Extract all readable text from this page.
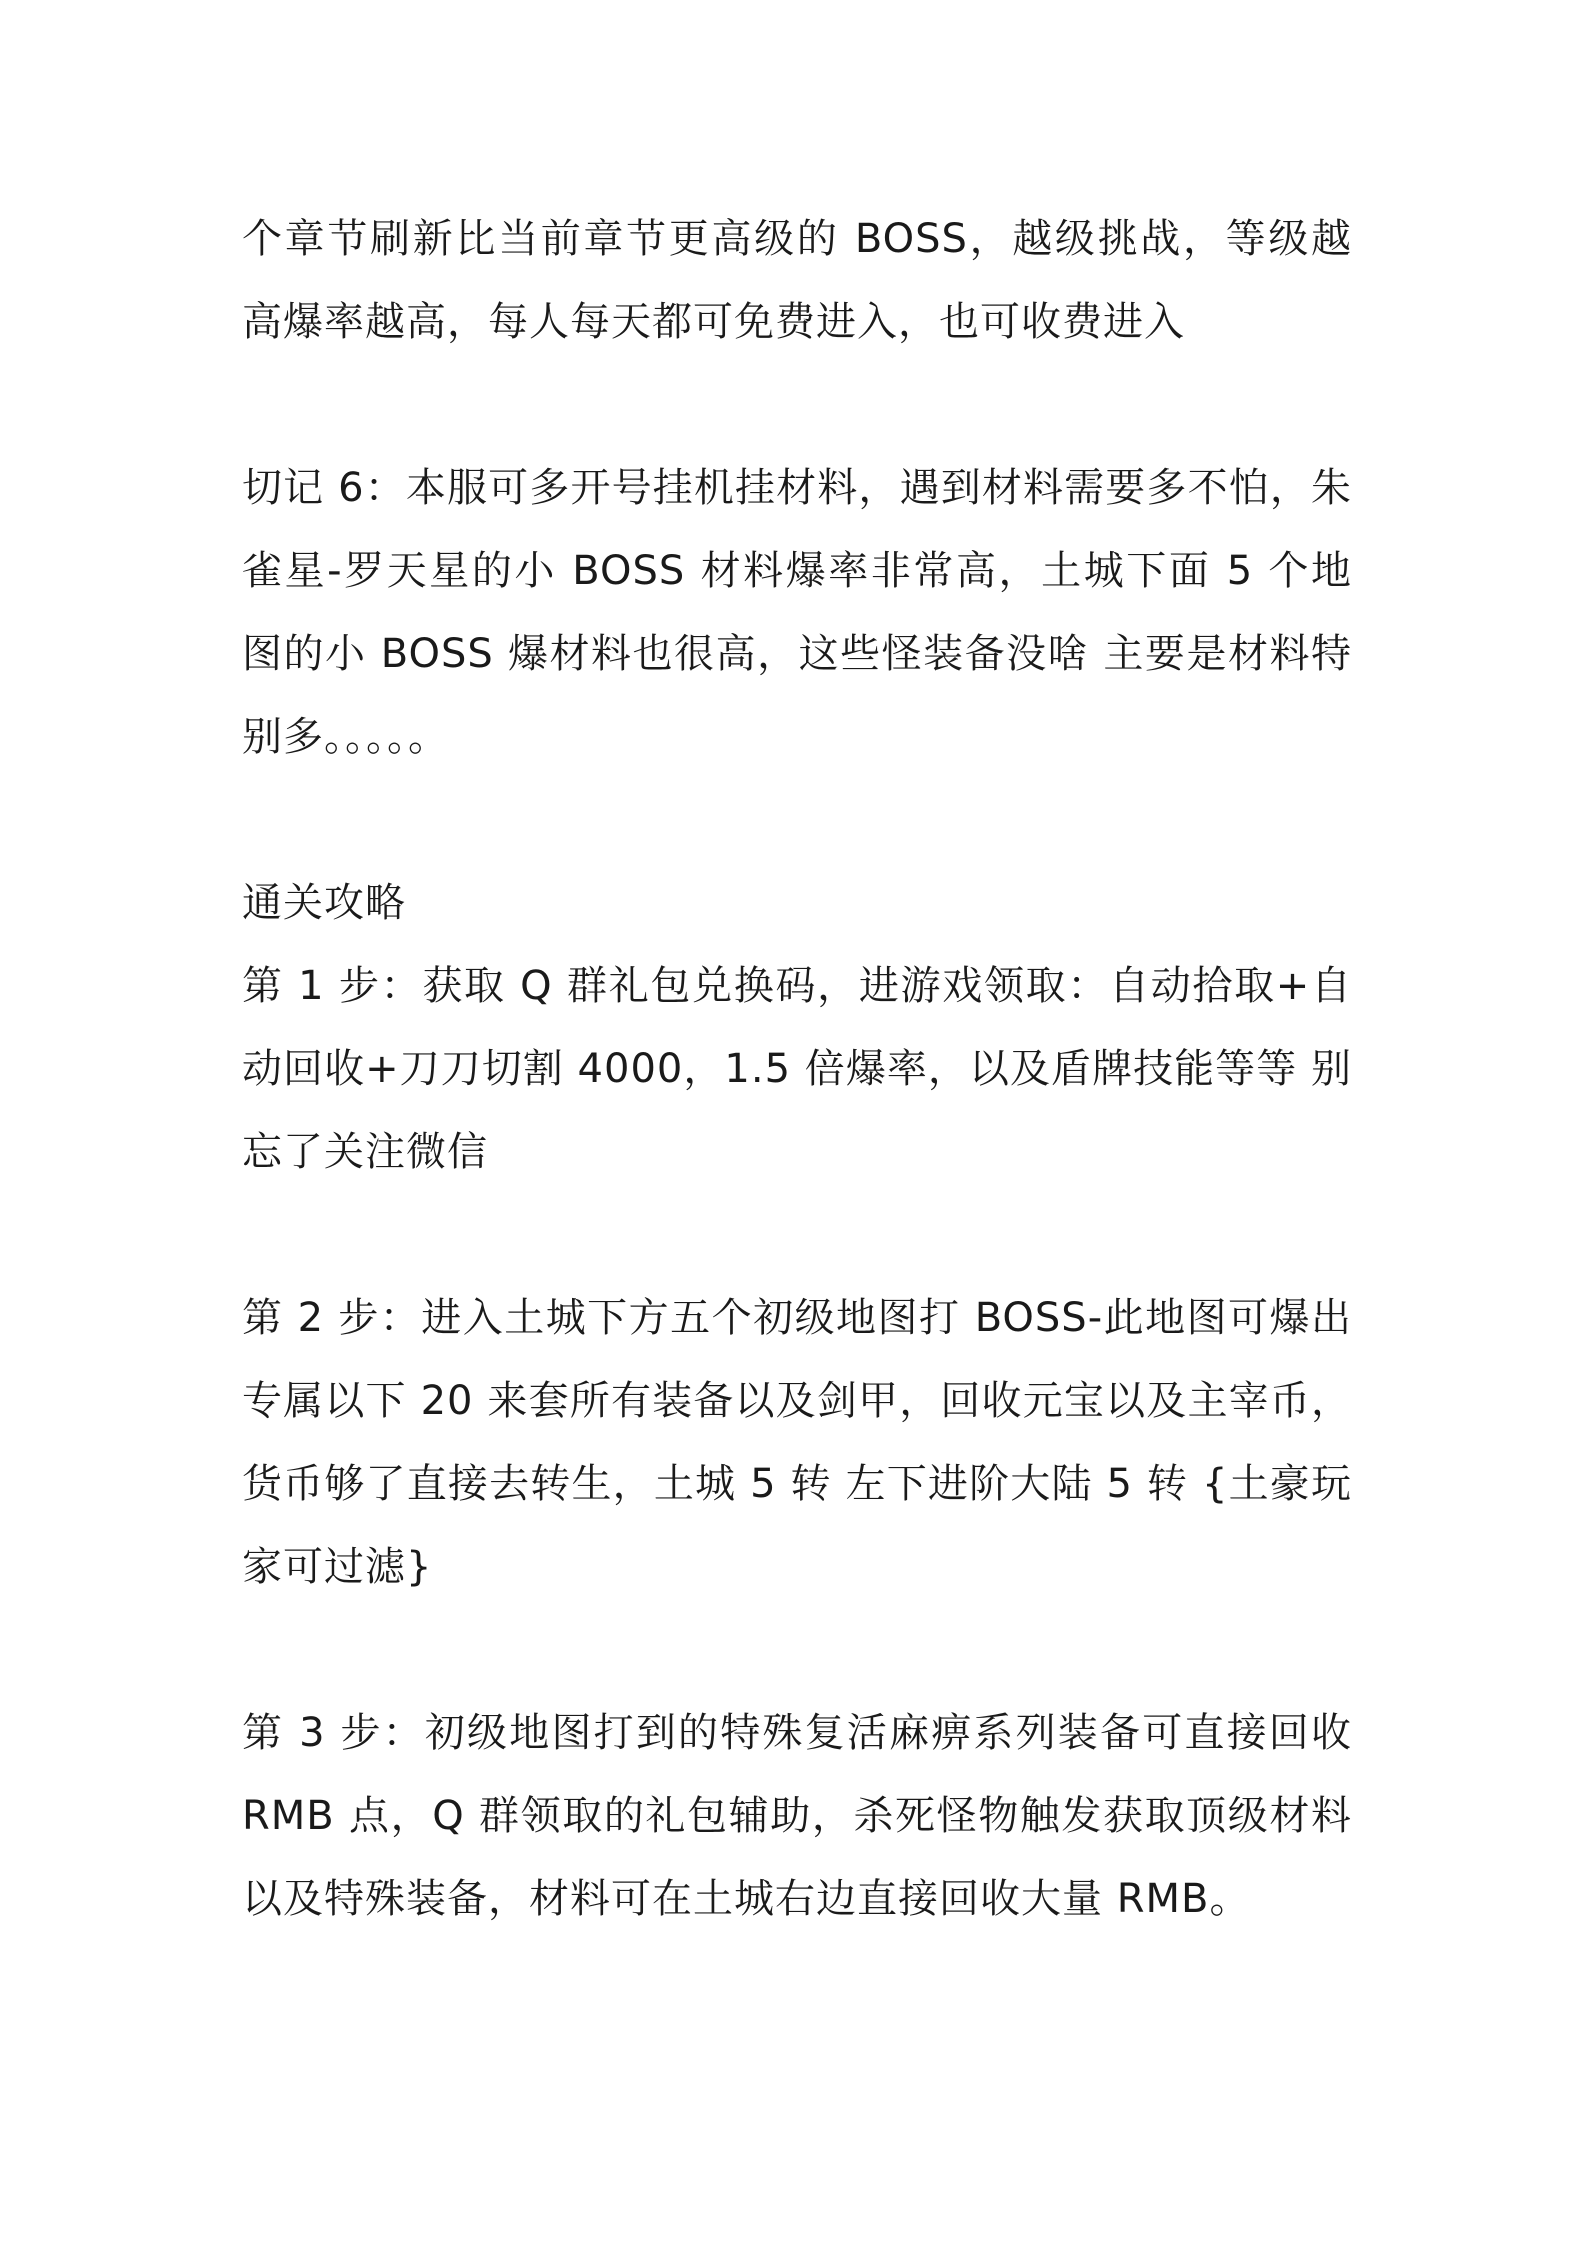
个章节刷新比当前章节更高级的 BOSS，越级挑战，等级越高爆率越高，每人每天都可免费进入，也可收费进入

切记 6：本服可多开号挂机挂材料，遇到材料需要多不怕，朱雀星-罗天星的小 BOSS 材料爆率非常高，土城下面 5 个地图的小 BOSS 爆材料也很高，这些怪装备没啥 主要是材料特别多。。。。。

通关攻略

第 1 步：获取 Q 群礼包兑换码，进游戏领取：自动拾取+自动回收+刀刀切割 4000，1.5 倍爆率，以及盾牌技能等等 别忘了关注微信

第 2 步：进入土城下方五个初级地图打 BOSS-此地图可爆出专属以下 20 来套所有装备以及剑甲，回收元宝以及主宰币，货币够了直接去转生，土城 5 转 左下进阶大陆 5 转 {土豪玩家可过滤}

第 3 步：初级地图打到的特殊复活麻痹系列装备可直接回收 RMB 点，Q 群领取的礼包辅助，杀死怪物触发获取顶级材料以及特殊装备，材料可在土城右边直接回收大量 RMB。
